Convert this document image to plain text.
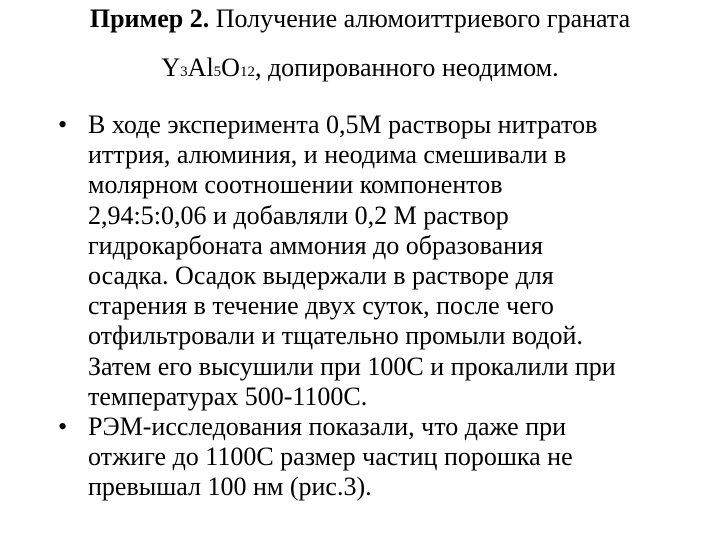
Пример 2. Получение алюмоиттриевого граната
Y3Al5O12, допированного неодимом.
• В ходе эксперимента 0,5М растворы нитратов
иттрия, алюминия, и неодима смешивали в
молярном соотношении компонентов
2,94:5:0,06 и добавляли 0,2 М раствор
гидрокарбоната аммония до образования
осадка. Осадок выдержали в растворе для
старения в течение двух суток, после чего
отфильтровали и тщательно промыли водой.
Затем его высушили при 100С и прокалили при
температурах 500-1100С.
• РЭМ-исследования показали, что даже при
отжиге до 1100С размер частиц порошка не
превышал 100 нм (рис.3).
